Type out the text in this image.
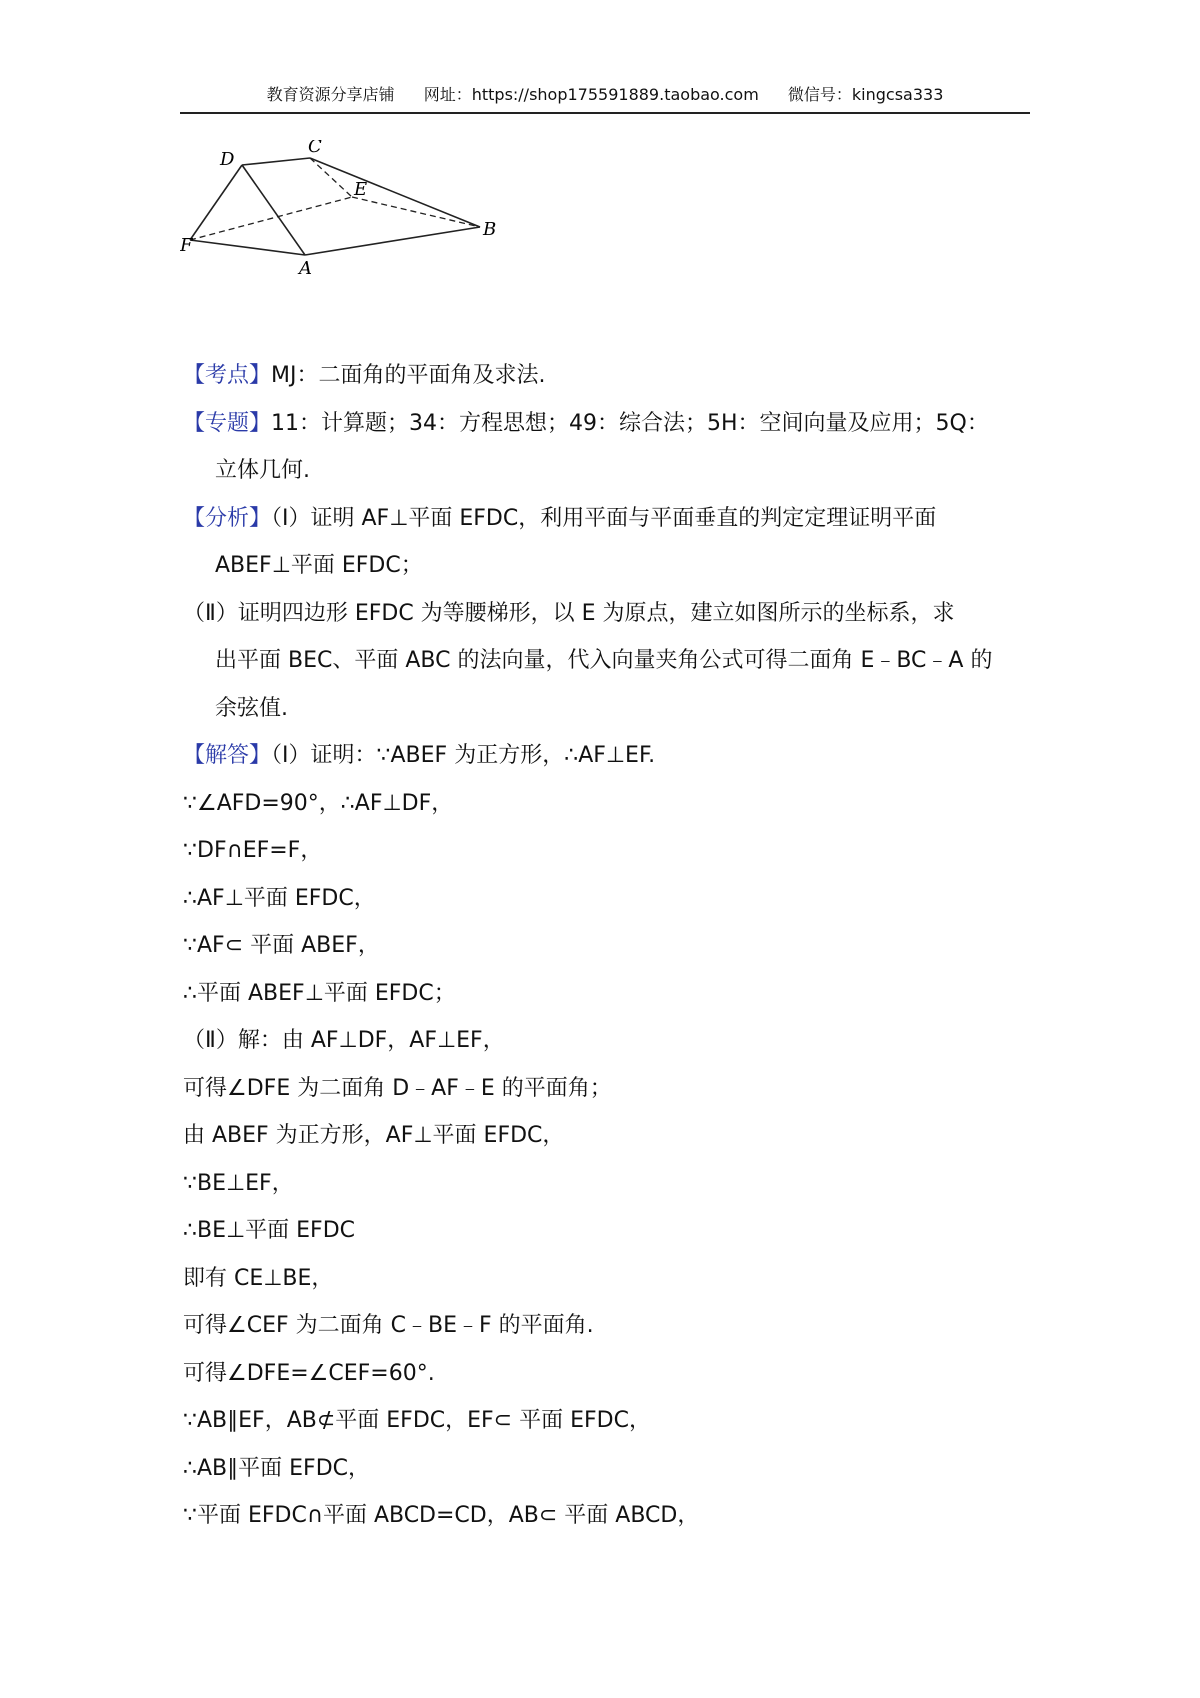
教育资源分享店铺 网址：https://shop175591889.taobao.com 微信号：kingcsa333
D
C
E
F
A
B
【考点】MJ：二面角的平面角及求法.
【专题】11：计算题；34：方程思想；49：综合法；5H：空间向量及应用；5Q：
立体几何.
【分析】（Ⅰ）证明 AF⊥平面 EFDC，利用平面与平面垂直的判定定理证明平面
ABEF⊥平面 EFDC；
（Ⅱ）证明四边形 EFDC 为等腰梯形，以 E 为原点，建立如图所示的坐标系，求
出平面 BEC、平面 ABC 的法向量，代入向量夹角公式可得二面角 E﹣BC﹣A 的
余弦值.
【解答】（Ⅰ）证明：∵ABEF 为正方形，∴AF⊥EF.
∵∠AFD=90°，∴AF⊥DF，
∵DF∩EF=F，
∴AF⊥平面 EFDC，
∵AF⊂ 平面 ABEF，
∴平面 ABEF⊥平面 EFDC；
（Ⅱ）解：由 AF⊥DF，AF⊥EF，
可得∠DFE 为二面角 D﹣AF﹣E 的平面角；
由 ABEF 为正方形，AF⊥平面 EFDC，
∵BE⊥EF，
∴BE⊥平面 EFDC
即有 CE⊥BE，
可得∠CEF 为二面角 C﹣BE﹣F 的平面角.
可得∠DFE=∠CEF=60°.
∵AB∥EF，AB⊄平面 EFDC，EF⊂ 平面 EFDC，
∴AB∥平面 EFDC，
∵平面 EFDC∩平面 ABCD=CD，AB⊂ 平面 ABCD，
